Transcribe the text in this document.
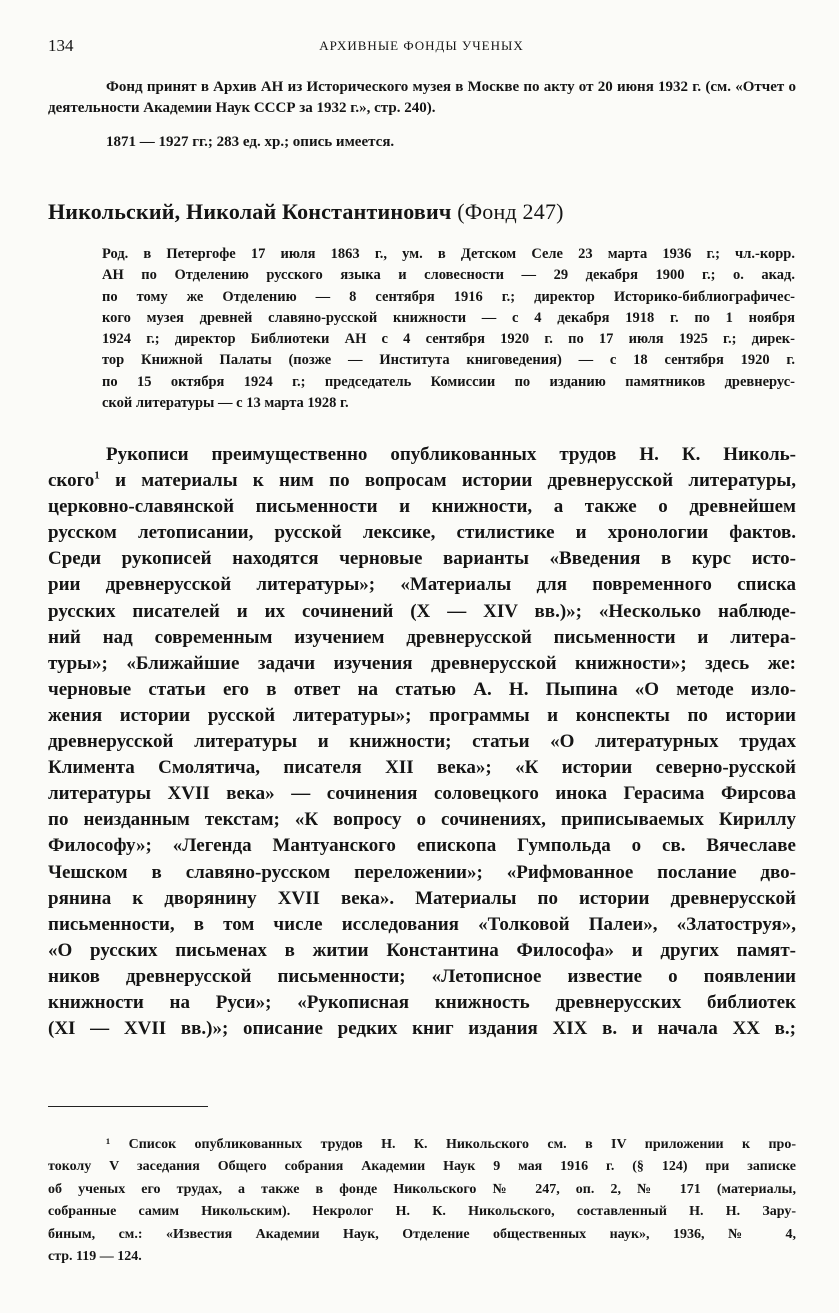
134	АРХИВНЫЕ ФОНДЫ УЧЕНЫХ

Фонд принят в Архив АН из Исторического музея в Москве по акту от 20 июня 1932 г. (см. «Отчет о деятельности Академии Наук СССР за 1932 г.», стр. 240).

1871 — 1927 гг.; 283 ед. хр.; опись имеется.

Никольский, Николай Константинович (Фонд 247)
Род. в Петергофе 17 июля 1863 г., ум. в Детском Селе 23 марта 1936 г.; чл.-корр.
АН по Отделению русского языка и словесности — 29 декабря 1900 г.; о. акад.
по тому же Отделению — 8 сентября 1916 г.; директор Историко-библиографичес-
кого музея древней славяно-русской книжности — с 4 декабря 1918 г. по 1 ноября
1924 г.; директор Библиотеки АН с 4 сентября 1920 г. по 17 июля 1925 г.; дирек-
тор Книжной Палаты (позже — Института книговедения) — с 18 сентября 1920 г.
по 15 октября 1924 г.; председатель Комиссии по изданию памятников древнерус-
ской литературы — с 13 марта 1928 г.
Рукописи преимущественно опубликованных трудов Н. К. Николь-
ского$^1$ и материалы к ним по вопросам истории древнерусской литературы,
церковно-славянской письменности и книжности, а также о древнейшем
русском летописании, русской лексике, стилистике и хронологии фактов.
Среди рукописей находятся черновые варианты «Введения в курс исто-
рии древнерусской литературы»; «Материалы для повременного списка
русских писателей и их сочинений (X — XIV вв.)»; «Несколько наблюде-
ний над современным изучением древнерусской письменности и литера-
туры»; «Ближайшие задачи изучения древнерусской книжности»; здесь же:
черновые статьи его в ответ на статью А. Н. Пыпина «О методе изло-
жения истории русской литературы»; программы и конспекты по истории
древнерусской литературы и книжности; статьи «О литературных трудах
Климента Смолятича, писателя XII века»; «К истории северно-русской
литературы XVII века» — сочинения соловецкого инока Герасима Фирсова
по неизданным текстам; «К вопросу о сочинениях, приписываемых Кириллу
Философу»; «Легенда Мантуанского епископа Гумпольда о св. Вячеславе
Чешском в славяно-русском переложении»; «Рифмованное послание дво-
рянина к дворянину XVII века». Материалы по истории древнерусской
письменности, в том числе исследования «Толковой Палеи», «Златоструя»,
«О русских письменах в житии Константина Философа» и других памят-
ников древнерусской письменности; «Летописное известие о появлении
книжности на Руси»; «Рукописная книжность древнерусских библиотек
(XI — XVII вв.)»; описание редких книг издания XIX в. и начала XX в.;
¹ Список опубликованных трудов Н. К. Никольского см. в IV приложении к про-
токолу V заседания Общего собрания Академии Наук 9 мая 1916 г. (§ 124) при записке
об ученых его трудах, а также в фонде Никольского № 247, оп. 2, № 171 (материалы,
собранные самим Никольским). Некролог Н. К. Никольского, составленный Н. Н. Зару-
биным, см.: «Известия Академии Наук, Отделение общественных наук», 1936, № 4,
стр. 119 — 124.
